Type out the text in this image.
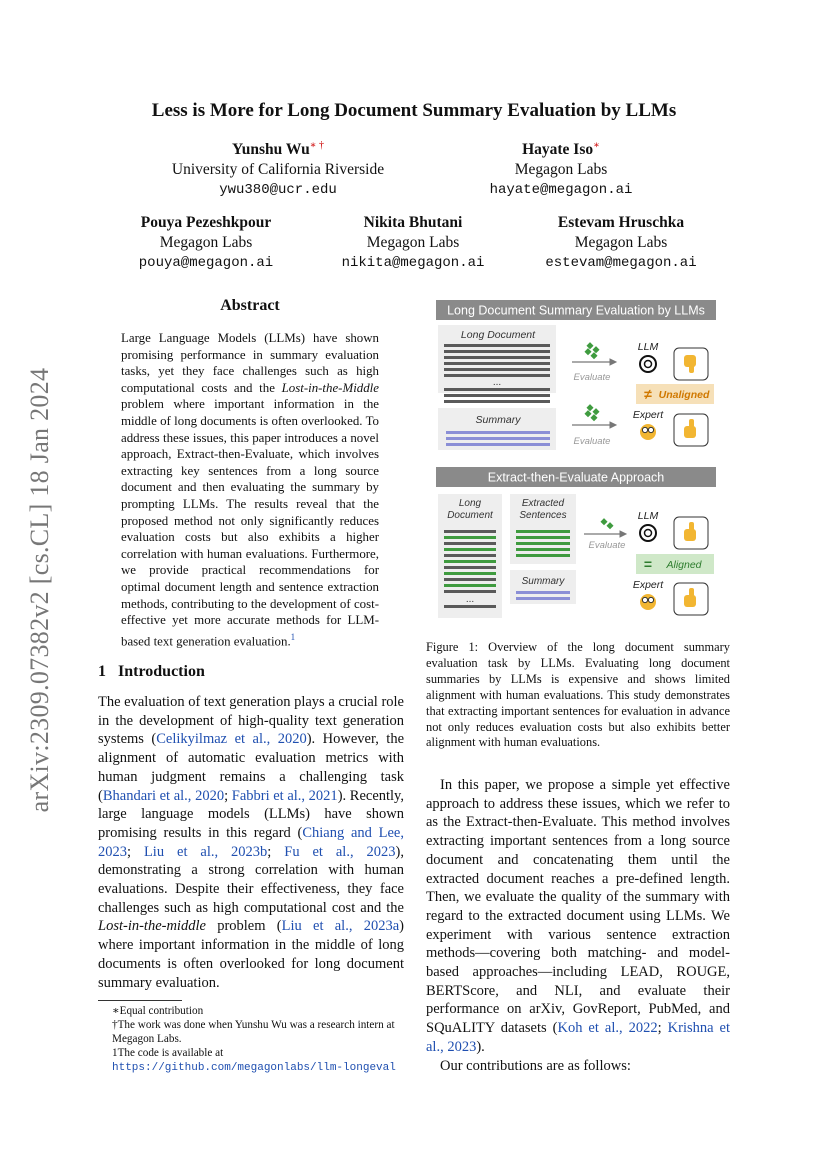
Less is More for Long Document Summary Evaluation by LLMs
Yunshu Wu∗ †
University of California Riverside
ywu380@ucr.edu
Hayate Iso∗
Megagon Labs
hayate@megagon.ai
Pouya Pezeshkpour
Megagon Labs
pouya@megagon.ai
Nikita Bhutani
Megagon Labs
nikita@megagon.ai
Estevam Hruschka
Megagon Labs
estevam@megagon.ai
arXiv:2309.07382v2 [cs.CL] 18 Jan 2024
Abstract
Large Language Models (LLMs) have shown promising performance in summary evaluation tasks, yet they face challenges such as high computational costs and the Lost-in-the-Middle problem where important information in the middle of long documents is often overlooked. To address these issues, this paper introduces a novel approach, Extract-then-Evaluate, which involves extracting key sentences from a long source document and then evaluating the summary by prompting LLMs. The results reveal that the proposed method not only significantly reduces evaluation costs but also exhibits a higher correlation with human evaluations. Furthermore, we provide practical recommendations for optimal document length and sentence extraction methods, contributing to the development of cost-effective yet more accurate methods for LLM-based text generation evaluation.$^1$
1 Introduction
The evaluation of text generation plays a crucial role in the development of high-quality text generation systems (Celikyilmaz et al., 2020). However, the alignment of automatic evaluation metrics with human judgment remains a challenging task (Bhandari et al., 2020; Fabbri et al., 2021). Recently, large language models (LLMs) have shown promising results in this regard (Chiang and Lee, 2023; Liu et al., 2023b; Fu et al., 2023), demonstrating a strong correlation with human evaluations. Despite their effectiveness, they face challenges such as high computational cost and the Lost-in-the-middle problem (Liu et al., 2023a) where important information in the middle of long documents is often overlooked for long document summary evaluation.
∗Equal contribution
†The work was done when Yunshu Wu was a research intern at Megagon Labs.
1The code is available at https://github.com/megagonlabs/llm-longeval
Long Document Summary Evaluation by LLMs
Long Document
...
Summary
Evaluate
Evaluate
LLM
≠ Unaligned
Expert
Extract-then-Evaluate Approach
Long
Document
...
Extracted
Sentences
Summary
Evaluate
LLM
= Aligned
Expert
Figure 1: Overview of the long document summary evaluation task by LLMs. Evaluating long document summaries by LLMs is expensive and shows limited alignment with human evaluations. This study demonstrates that extracting important sentences for evaluation in advance not only reduces evaluation costs but also exhibits better alignment with human evaluations.

In this paper, we propose a simple yet effective approach to address these issues, which we refer to as the Extract-then-Evaluate. This method involves extracting important sentences from a long source document and concatenating them until the extracted document reaches a pre-defined length. Then, we evaluate the quality of the summary with regard to the extracted document using LLMs. We experiment with various sentence extraction methods—covering both matching- and model-based approaches—including LEAD, ROUGE, BERTScore, and NLI, and evaluate their performance on arXiv, GovReport, PubMed, and SQuALITY datasets (Koh et al., 2022; Krishna et al., 2023).

Our contributions are as follows:
